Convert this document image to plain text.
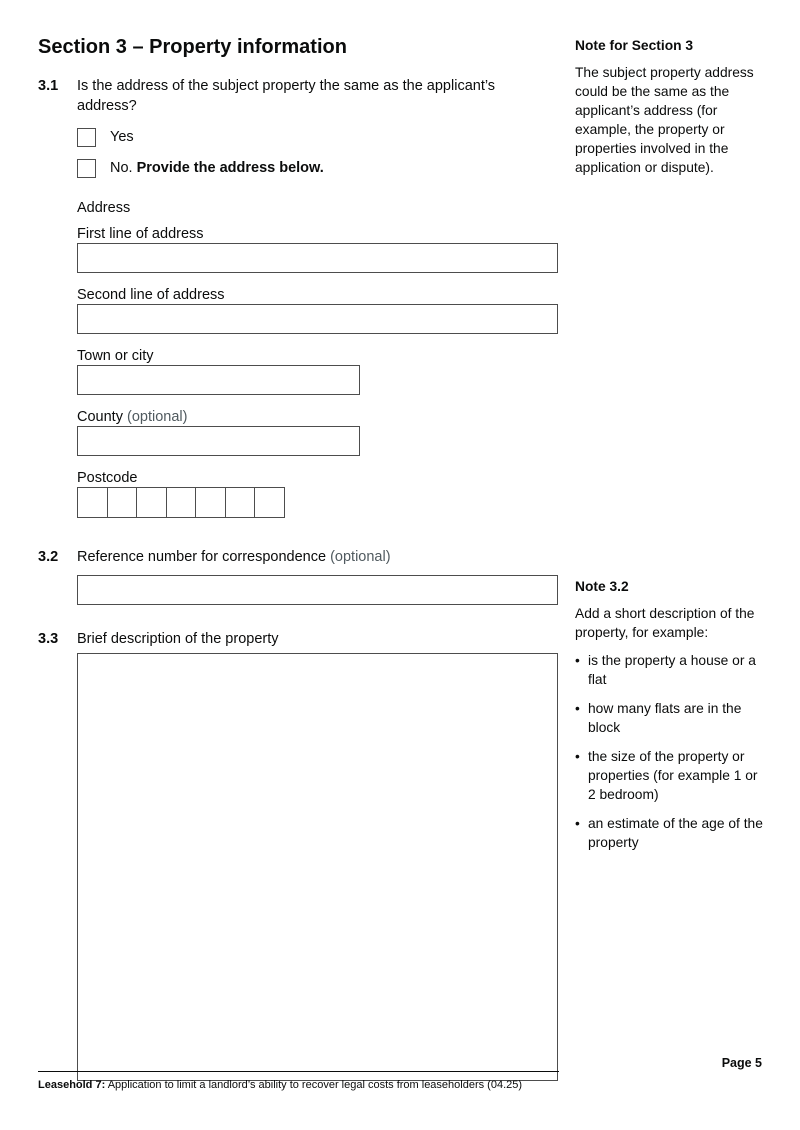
Section 3 – Property information
3.1	Is the address of the subject property the same as the applicant’s address?

Yes
No. Provide the address below.
Address
First line of address
Second line of address
Town or city
County (optional)
Postcode
3.2	Reference number for correspondence (optional)
3.3	Brief description of the property

Note for Section 3

The subject property address could be the same as the applicant’s address (for example, the property or properties involved in the application or dispute).

Note 3.2

Add a short description of the property, for example:

• is the property a house or a flat
• how many flats are in the block
• the size of the property or properties (for example 1 or 2 bedroom)
• an estimate of the age of the property
Page 5
Leasehold 7: Application to limit a landlord’s ability to recover legal costs from leaseholders (04.25)
